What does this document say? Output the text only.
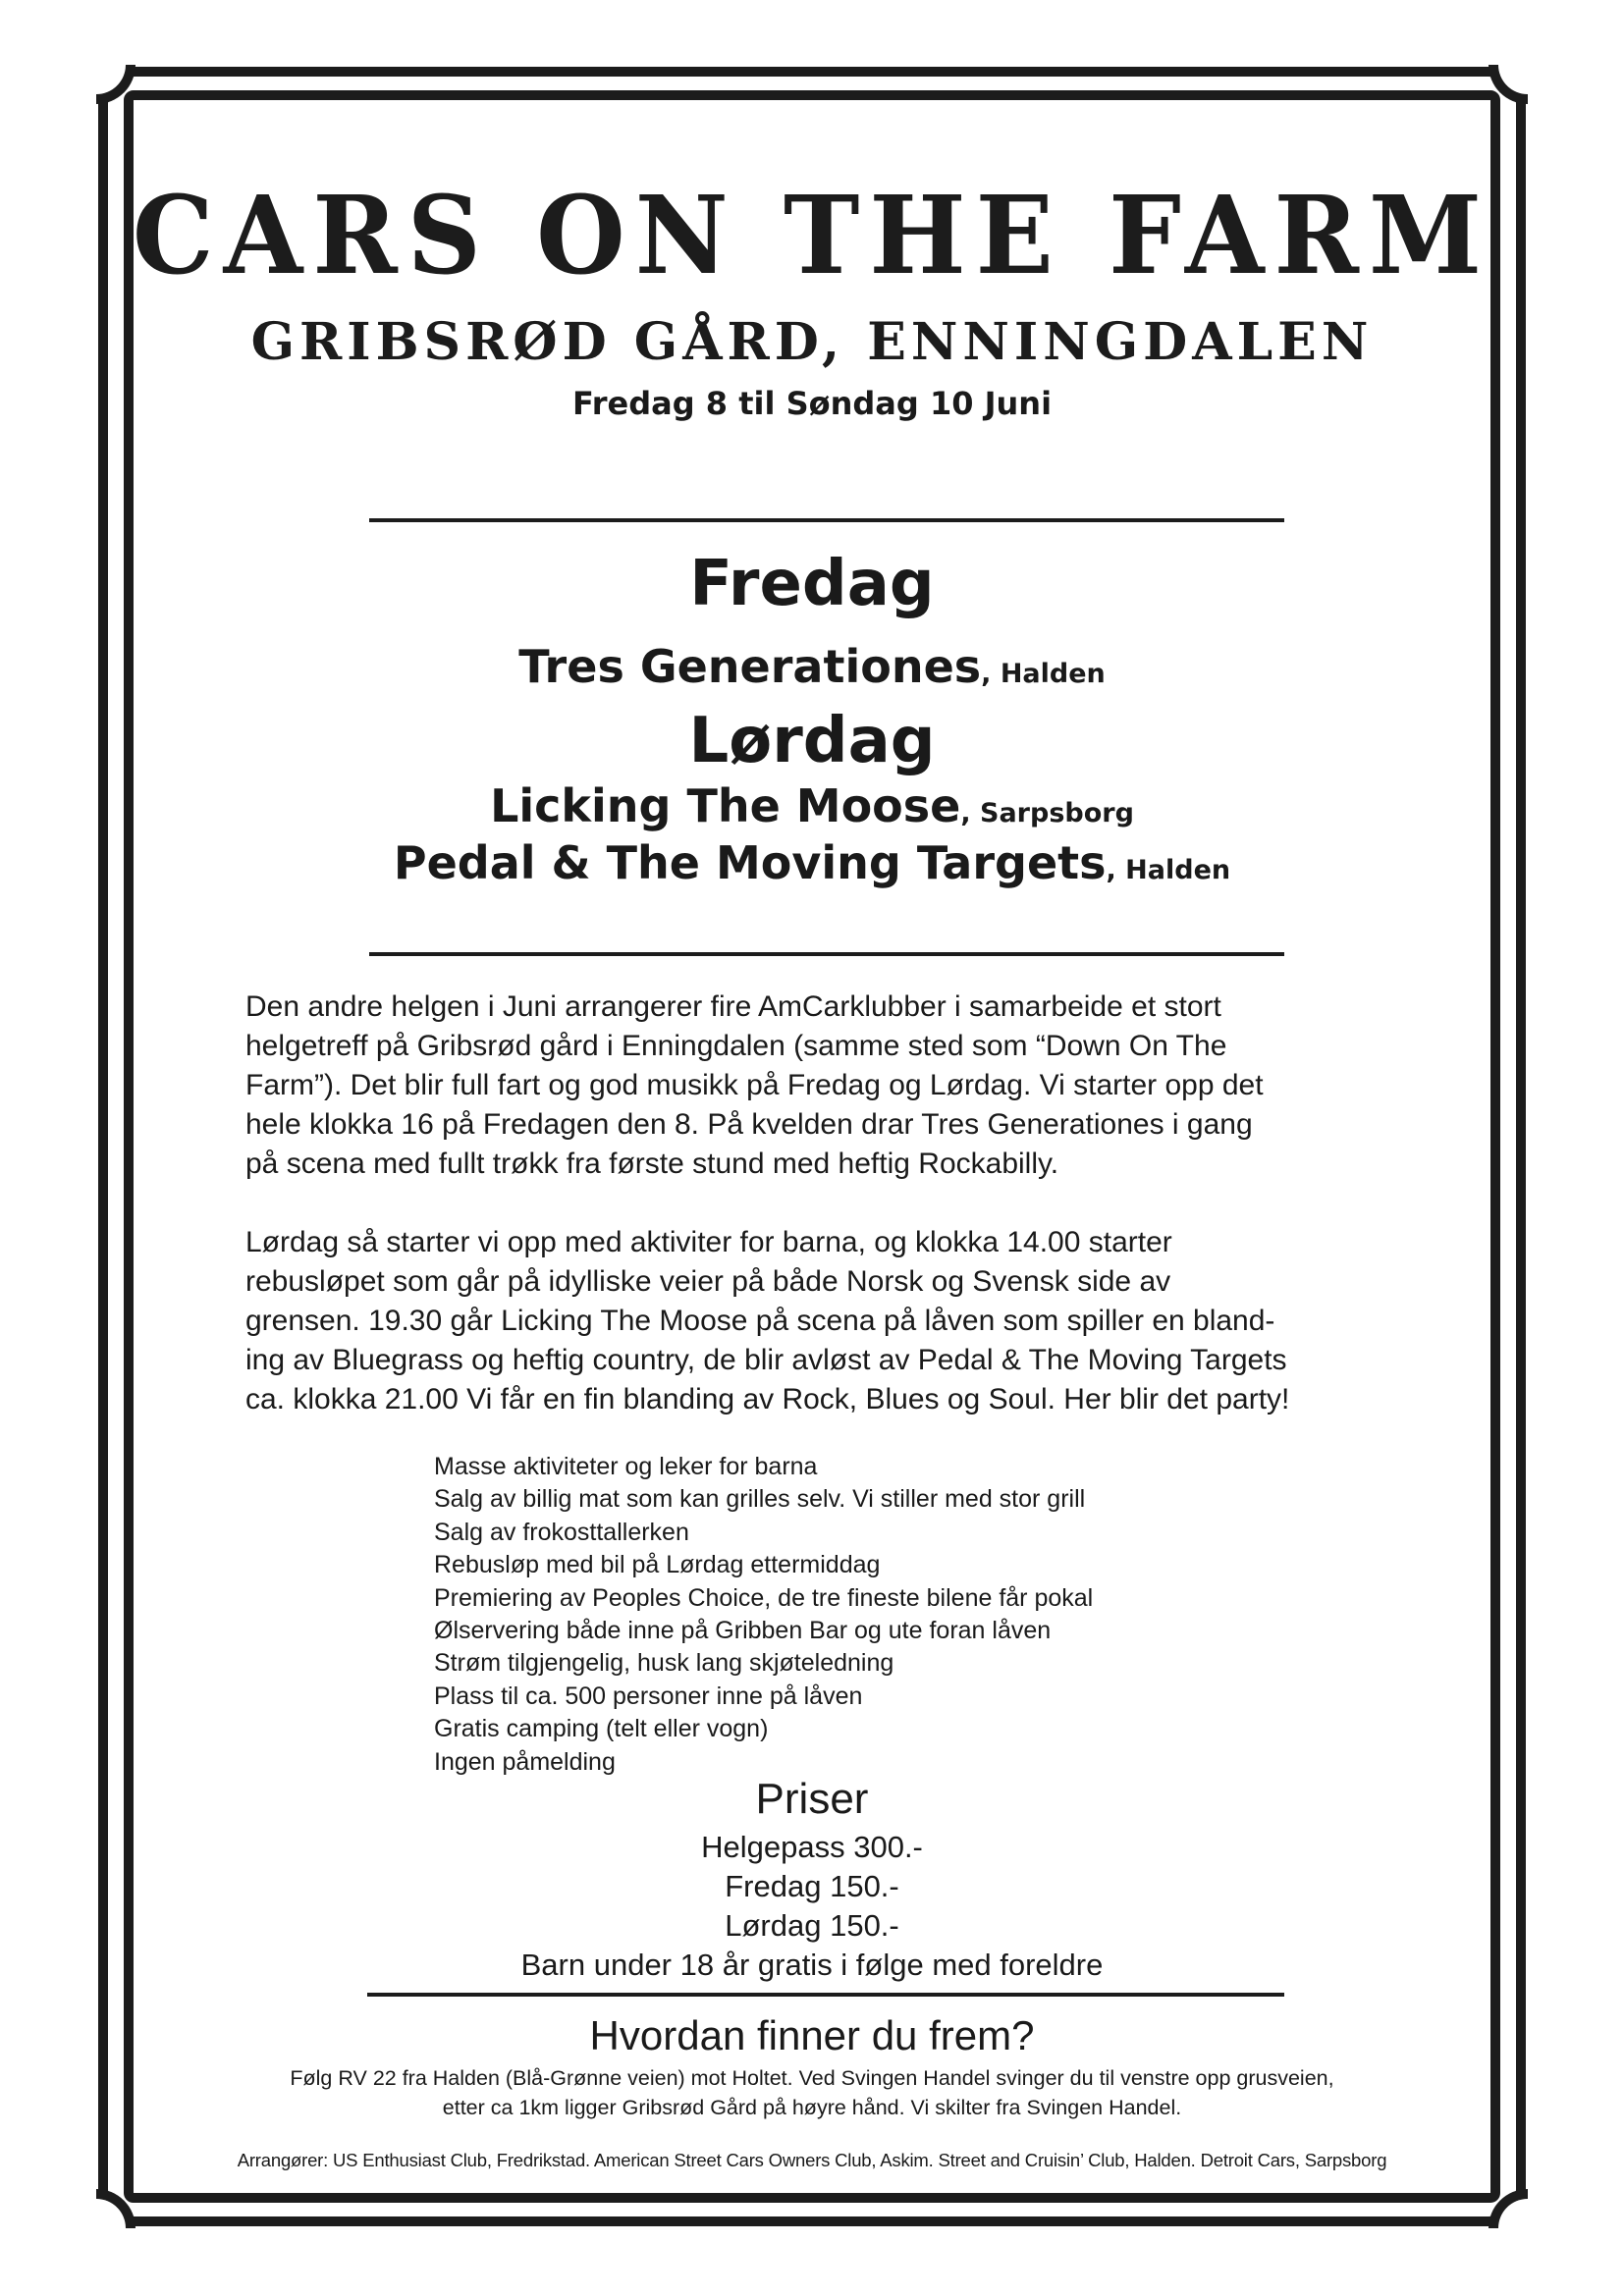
CARS ON THE FARM
GRIBSRØD GÅRD, ENNINGDALEN
Fredag 8 til Søndag 10 Juni
Fredag
Tres Generationes, Halden
Lørdag
Licking The Moose, Sarpsborg
Pedal & The Moving Targets, Halden
Den andre helgen i Juni arrangerer fire AmCarklubber i samarbeide et stort
helgetreff på Gribsrød gård i Enningdalen (samme sted som “Down On The
Farm”). Det blir full fart og god musikk på Fredag og Lørdag. Vi starter opp det
hele klokka 16 på Fredagen den 8. På kvelden drar Tres Generationes i gang
på scena med fullt trøkk fra første stund med heftig Rockabilly.
Lørdag så starter vi opp med aktiviter for barna, og klokka 14.00 starter
rebusløpet som går på idylliske veier på både Norsk og Svensk side av
grensen. 19.30 går Licking The Moose på scena på låven som spiller en bland-
ing av Bluegrass og heftig country, de blir avløst av Pedal & The Moving Targets
ca. klokka 21.00 Vi får en fin blanding av Rock, Blues og Soul. Her blir det party!
Masse aktiviteter og leker for barna
Salg av billig mat som kan grilles selv. Vi stiller med stor grill
Salg av frokosttallerken
Rebusløp med bil på Lørdag ettermiddag
Premiering av Peoples Choice, de tre fineste bilene får pokal
Ølservering både inne på Gribben Bar og ute foran låven
Strøm tilgjengelig, husk lang skjøteledning
Plass til ca. 500 personer inne på låven
Gratis camping (telt eller vogn)
Ingen påmelding
Priser
Helgepass 300.-
Fredag 150.-
Lørdag 150.-
Barn under 18 år gratis i følge med foreldre
Hvordan finner du frem?
Følg RV 22 fra Halden (Blå-Grønne veien) mot Holtet. Ved Svingen Handel svinger du til venstre opp grusveien,
etter ca 1km ligger Gribsrød Gård på høyre hånd. Vi skilter fra Svingen Handel.
Arrangører: US Enthusiast Club, Fredrikstad. American Street Cars Owners Club, Askim. Street and Cruisin’ Club, Halden. Detroit Cars, Sarpsborg
